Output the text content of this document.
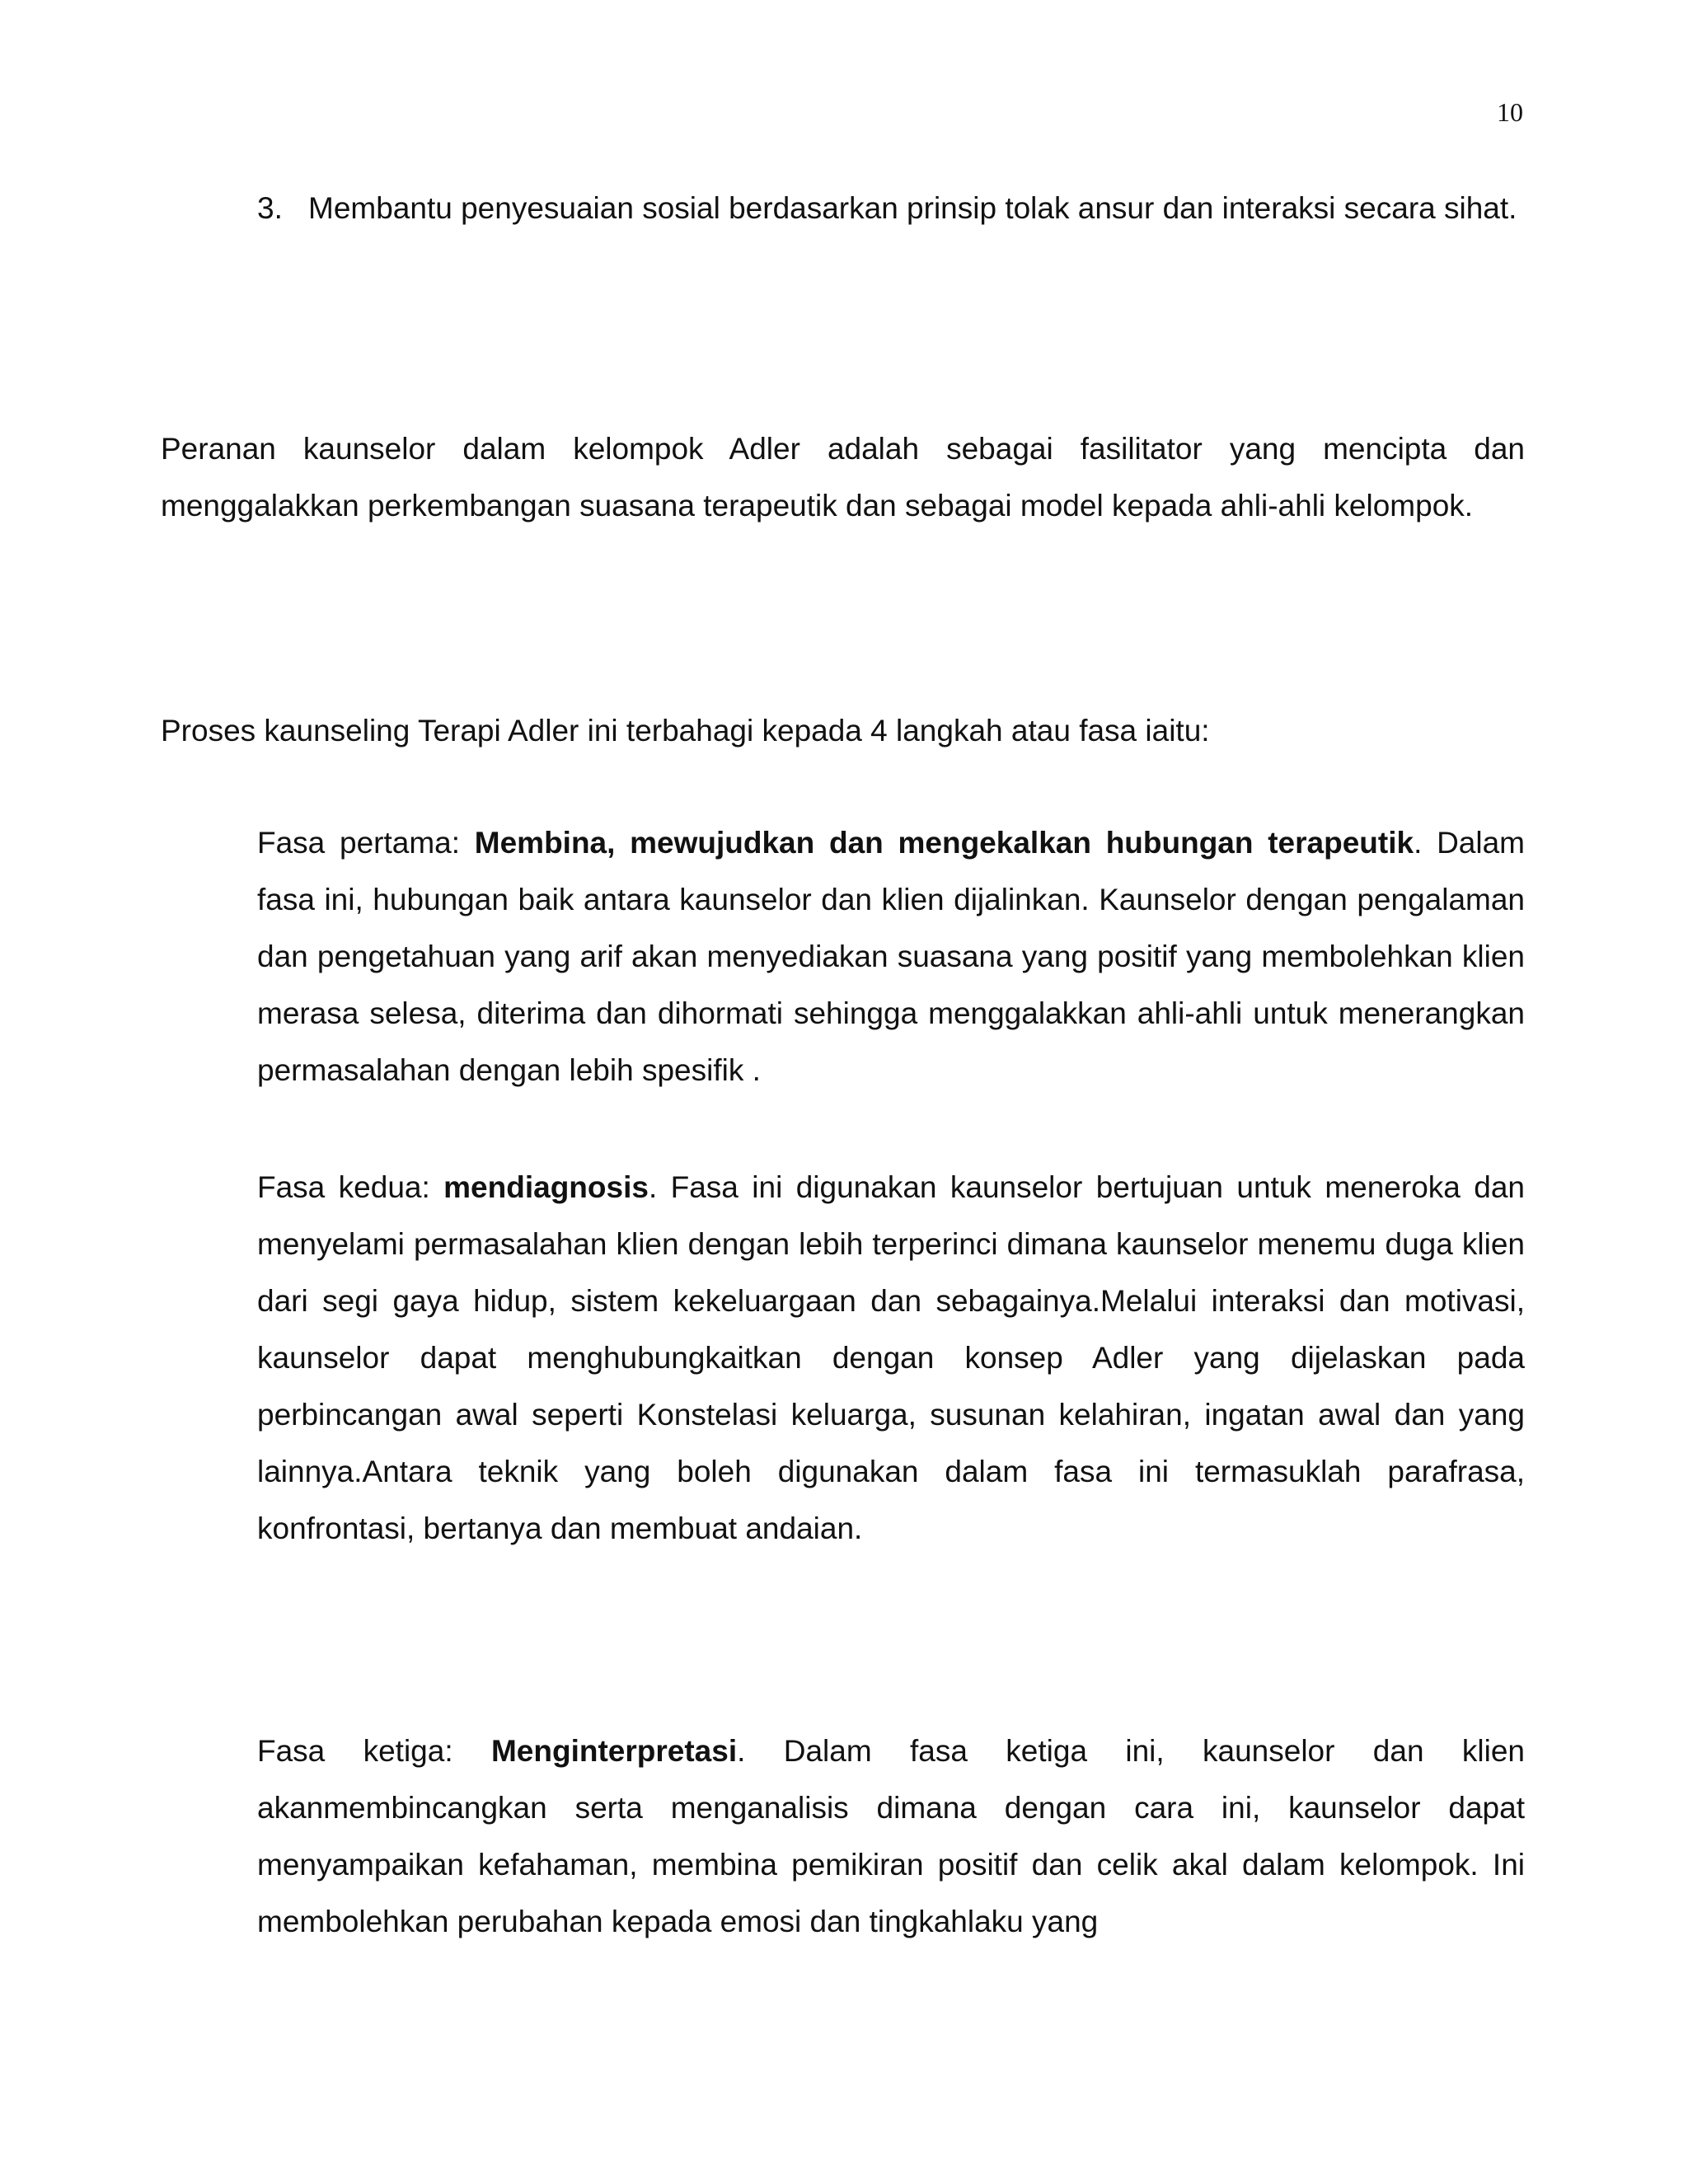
10
3. Membantu penyesuaian sosial berdasarkan prinsip tolak ansur dan interaksi secara sihat.

Peranan kaunselor dalam kelompok Adler adalah sebagai fasilitator yang mencipta dan menggalakkan perkembangan suasana terapeutik dan sebagai model kepada ahli-ahli kelompok.

Proses kaunseling Terapi Adler ini terbahagi kepada 4 langkah atau fasa iaitu:

Fasa pertama: Membina, mewujudkan dan mengekalkan hubungan terapeutik. Dalam fasa ini, hubungan baik antara kaunselor dan klien dijalinkan. Kaunselor dengan pengalaman dan pengetahuan yang arif akan menyediakan suasana yang positif yang membolehkan klien merasa selesa, diterima dan dihormati sehingga menggalakkan ahli-ahli untuk menerangkan permasalahan dengan lebih spesifik .

Fasa kedua: mendiagnosis. Fasa ini digunakan kaunselor bertujuan untuk meneroka dan menyelami permasalahan klien dengan lebih terperinci dimana kaunselor menemu duga klien dari segi gaya hidup, sistem kekeluargaan dan sebagainya.Melalui interaksi dan motivasi, kaunselor dapat menghubungkaitkan dengan konsep Adler yang dijelaskan pada perbincangan awal seperti Konstelasi keluarga, susunan kelahiran, ingatan awal dan yang lainnya.Antara teknik yang boleh digunakan dalam fasa ini termasuklah parafrasa, konfrontasi, bertanya dan membuat andaian.

Fasa ketiga: Menginterpretasi. Dalam fasa ketiga ini, kaunselor dan klien akanmembincangkan serta menganalisis dimana dengan cara ini, kaunselor dapat menyampaikan kefahaman, membina pemikiran positif dan celik akal dalam kelompok. Ini membolehkan perubahan kepada emosi dan tingkahlaku yang
